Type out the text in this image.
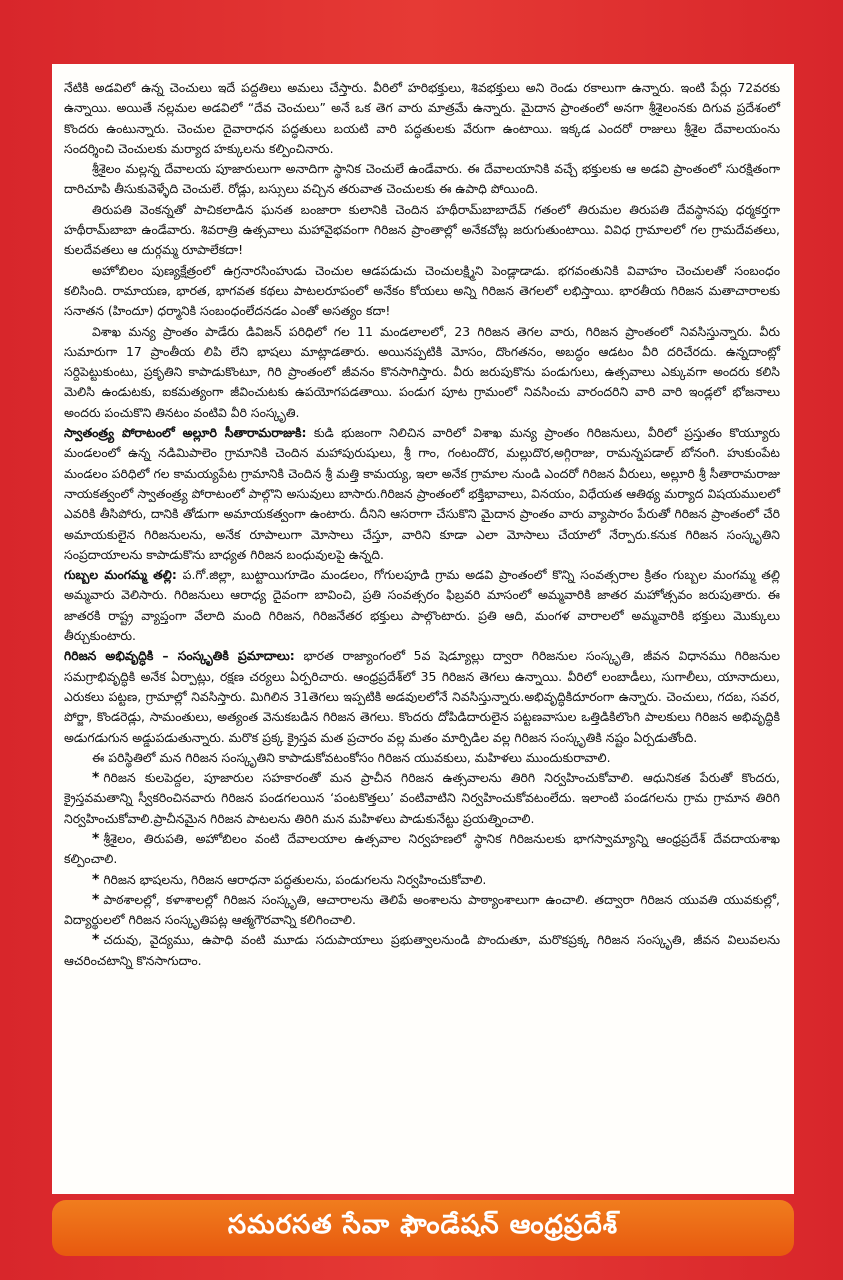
నేటికి అడవిలో ఉన్న చెంచులు ఇదే పద్దతిలు అమలు చేస్తారు. వీరిలో హరిభక్తులు, శివభక్తులు అని రెండు రకాలుగా ఉన్నారు. ఇంటి పేర్లు 72వరకు ఉన్నాయి. అయితే నల్లమల అడవిలో “దేవ చెంచులు” అనే ఒక తెగ వారు మాత్రమే ఉన్నారు. మైదాన ప్రాంతంలో అనగా శ్రీశైలంనకు దిగువ ప్రదేశంలో కొందరు ఉంటున్నారు. చెంచుల దైవారాధన పద్ధతులు బయటి వారి పద్ధతులకు వేరుగా ఉంటాయి. ఇక్కడ ఎందరో రాజులు శ్రీశైల దేవాలయంను సందర్శించి చెంచులకు మర్యాద హక్కులను కల్పించినారు.

శ్రీశైలం మల్లన్న దేవాలయ పూజారులుగా అనాదిగా స్థానిక చెంచులే ఉండేవారు. ఈ దేవాలయానికి వచ్చే భక్తులకు ఆ అడవి ప్రాంతంలో సురక్షితంగా దారిచూపి తీసుకువెళ్ళేది చెంచులే. రోడ్లు, బస్సులు వచ్చిన తరువాత చెంచులకు ఈ ఉపాధి పోయింది.

తిరుపతి వెంకన్నతో పాచికలాడిన ఘనత బంజారా కులానికి చెందిన హథీరామ్‌బాబాదేవ్ గతంలో తిరుమల తిరుపతి దేవస్థానపు ధర్మకర్తగా హథీరామ్‌బాబా ఉండేవారు. శివరాత్రి ఉత్సవాలు మహావైభవంగా గిరిజన ప్రాంతాల్లో అనేకచోట్ల జరుగుతుంటాయి. వివిధ గ్రామాలలో గల గ్రామదేవతలు, కులదేవతలు ఆ దుర్గమ్మ రూపాలేకదా!

అహోబిలం పుణ్యక్షేత్రంలో ఉగ్రనారసింహుడు చెంచుల ఆడపడుచు చెంచులక్ష్మిని పెండ్లాడాడు. భగవంతునికి వివాహం చెంచులతో సంబంధం కలిసింది. రామాయణ, భారత, భాగవత కథలు పాటలరూపంలో అనేకం కోయలు అన్ని గిరిజన తెగలలో లభిస్తాయి. భారతీయ గిరిజన మతాచారాలకు సనాతన (హిందూ) ధర్మానికి సంబంధంలేదనడం ఎంతో అసత్యం కదా!

విశాఖ మన్య ప్రాంతం పాడేరు డివిజన్ పరిధిలో గల 11 మండలాలలో, 23 గిరిజన తెగల వారు, గిరిజన ప్రాంతంలో నివసిస్తున్నారు. వీరు సుమారుగా 17 ప్రాంతీయ లిపి లేని భాషలు మాట్లాడతారు. అయినప్పటికి మోసం, దొంగతనం, అబద్ధం ఆడటం వీరి దరిచేరదు. ఉన్నదాంట్లో సర్దిపెట్టుకుంటు, ప్రకృతిని కాపాడుకొంటూ, గిరి ప్రాంతంలో జీవనం కొనసాగిస్తారు. వీరు జరుపుకొను పండుగులు, ఉత్సవాలు ఎక్కువగా అందరు కలిసి మెలిసి ఉండుటకు, ఐకమత్యంగా జీవించుటకు ఉపయోగపడతాయి. పండుగ పూట గ్రామంలో నివసించు వారందరిని వారి వారి ఇండ్లలో భోజనాలు అందరు పంచుకొని తినటం వంటివి వీరి సంస్కృతి.

స్వాతంత్ర్య పోరాటంలో అల్లూరి సీతారామరాజుకి: కుడి భుజంగా నిలిచిన వారిలో విశాఖ మన్య ప్రాంతం గిరిజనులు, వీరిలో ప్రస్తుతం కొయ్యూరు మండలంలో ఉన్న నడిమిపాలెం గ్రామానికి చెందిన మహాపురుషులు, శ్రీ గాం, గంటందొర, మల్లుదొర,అగ్గిరాజు, రామన్నపడాల్ బోనంగి. హుకుంపేట మండలం పరిధిలో గల కామయ్యపేట గ్రామానికి చెందిన శ్రీ మత్తి కామయ్య, ఇలా అనేక గ్రామాల నుండి ఎందరో గిరిజన వీరులు, అల్లూరి శ్రీ సీతారామరాజు నాయకత్వంలో స్వాతంత్ర్య పోరాటంలో పాల్గొని అసువులు బాసారు.గిరిజన ప్రాంతంలో భక్తిభావాలు, వినయం, విధేయత ఆతిథ్య మర్యాద విషయములలో ఎవరికి తీసిపోరు, దానికి తోడుగా అమాయకత్వంగా ఉంటారు. దీనిని ఆసరాగా చేసుకొని మైదాన ప్రాంతం వారు వ్యాపారం పేరుతో గిరిజన ప్రాంతంలో చేరి అమాయకులైన గిరిజనులను, అనేక రూపాలుగా మోసాలు చేస్తూ, వారిని కూడా ఎలా మోసాలు చేయాలో నేర్పారు.కనుక గిరిజన సంస్కృతిని సంప్రదాయాలను కాపాడుకొను బాధ్యత గిరిజన బంధువులపై ఉన్నది.

గుబ్బల మంగమ్మ తల్లి: ప.గో.జిల్లా, బుట్టాయిగూడెం మండలం, గోగులపూడి గ్రామ అడవి ప్రాంతంలో కొన్ని సంవత్సరాల క్రితం గుబ్బల మంగమ్మ తల్లి అమ్మవారు వెలిసారు. గిరిజనులు ఆరాధ్య దైవంగా బావించి, ప్రతి సంవత్సరం ఫిబ్రవరి మాసంలో అమ్మవారికి జాతర మహోత్సవం జరుపుతారు. ఈ జాతరకి రాష్ట్ర వ్యాప్తంగా వేలాది మంది గిరిజన, గిరిజనేతర భక్తులు పాల్గొంటారు. ప్రతి ఆది, మంగళ వారాలలో అమ్మవారికి భక్తులు మొక్కులు తీర్చుకుంటారు.

గిరిజన అభివృద్ధికి – సంస్కృతికి ప్రమాదాలు: భారత రాజ్యాంగంలో 5వ షెడ్యూల్లు ద్వారా గిరిజనుల సంస్కృతి, జీవన విధానము గిరిజనుల సమగ్రాభివృద్ధికి అనేక ఏర్పాట్లు, రక్షణ చర్యలు ఏర్పరిచారు. ఆంధ్రప్రదేశ్‌లో 35 గిరిజన తెగలు ఉన్నాయి. వీరిలో లంబాడీలు, సుగాలీలు, యానాదులు, ఎరుకలు పట్టణ, గ్రామాల్లో నివసిస్తారు. మిగిలిన 31తెగలు ఇప్పటికి అడవులలోనే నివసిస్తున్నారు.అభివృద్ధికిదూరంగా ఉన్నారు. చెంచులు, గదబ, సవర, పోర్జా, కొండరెడ్లు, సామంతులు, అత్యంత వెనుకబడిన గిరిజన తెగలు. కొందరు దోపిడిదారులైన పట్టణవాసుల ఒత్తిడికిలొంగి పాలకులు గిరిజన అభివృద్ధికి అడుగడుగున అడ్డుపడుతున్నారు. మరొక ప్రక్క క్రైస్తవ మత ప్రచారం వల్ల మతం మార్పిడిల వల్ల గిరిజన సంస్కృతికి నష్టం ఏర్పడుతోంది.

ఈ పరిస్థితిలో మన గిరిజన సంస్కృతిని కాపాడుకోవటంకోసం గిరిజన యువకులు, మహిళలు ముందుకురావాలి.

* గిరిజన కులపెద్దల, పూజారుల సహకారంతో మన ప్రాచీన గిరిజన ఉత్సవాలను తిరిగి నిర్వహించుకోవాలి. ఆధునికత పేరుతో కొందరు, క్రైస్తవమతాన్ని స్వీకరించినవారు గిరిజన పండగలయిన ‘పంటకొత్తలు’ వంటివాటిని నిర్వహించుకోవటంలేదు. ఇలాంటి పండగలను గ్రామ గ్రామాన తిరిగి నిర్వహించుకోవాలి.ప్రాచీనమైన గిరిజన పాటలను తిరిగి మన మహిళలు పాడుకునేట్టు ప్రయత్నించాలి.

* శ్రీశైలం, తిరుపతి, అహోబిలం వంటి దేవాలయాల ఉత్సవాల నిర్వహణలో స్థానిక గిరిజనులకు భాగస్వామ్యాన్ని ఆంధ్రప్రదేశ్ దేవదాయశాఖ కల్పించాలి.

* గిరిజన భాషలను, గిరిజన ఆరాధనా పద్ధతులను, పండుగలను నిర్వహించుకోవాలి.

* పాఠశాలల్లో, కళాశాలల్లో గిరిజన సంస్కృతి, ఆచారాలను తెలిపే అంశాలను పాఠ్యాంశాలుగా ఉంచాలి. తద్వారా గిరిజన యువతి యువకుల్లో, విద్యార్థులలో గిరిజన సంస్కృతిపట్ల ఆత్మగౌరవాన్ని కలిగించాలి.

* చదువు, వైద్యము, ఉపాధి వంటి మూడు సదుపాయాలు ప్రభుత్వాలనుండి పొందుతూ, మరొకప్రక్క గిరిజన సంస్కృతి, జీవన విలువలను ఆచరించటాన్ని కొనసాగుదాం.

సమరసత సేవా ఫౌండేషన్ ఆంధ్రప్రదేశ్
